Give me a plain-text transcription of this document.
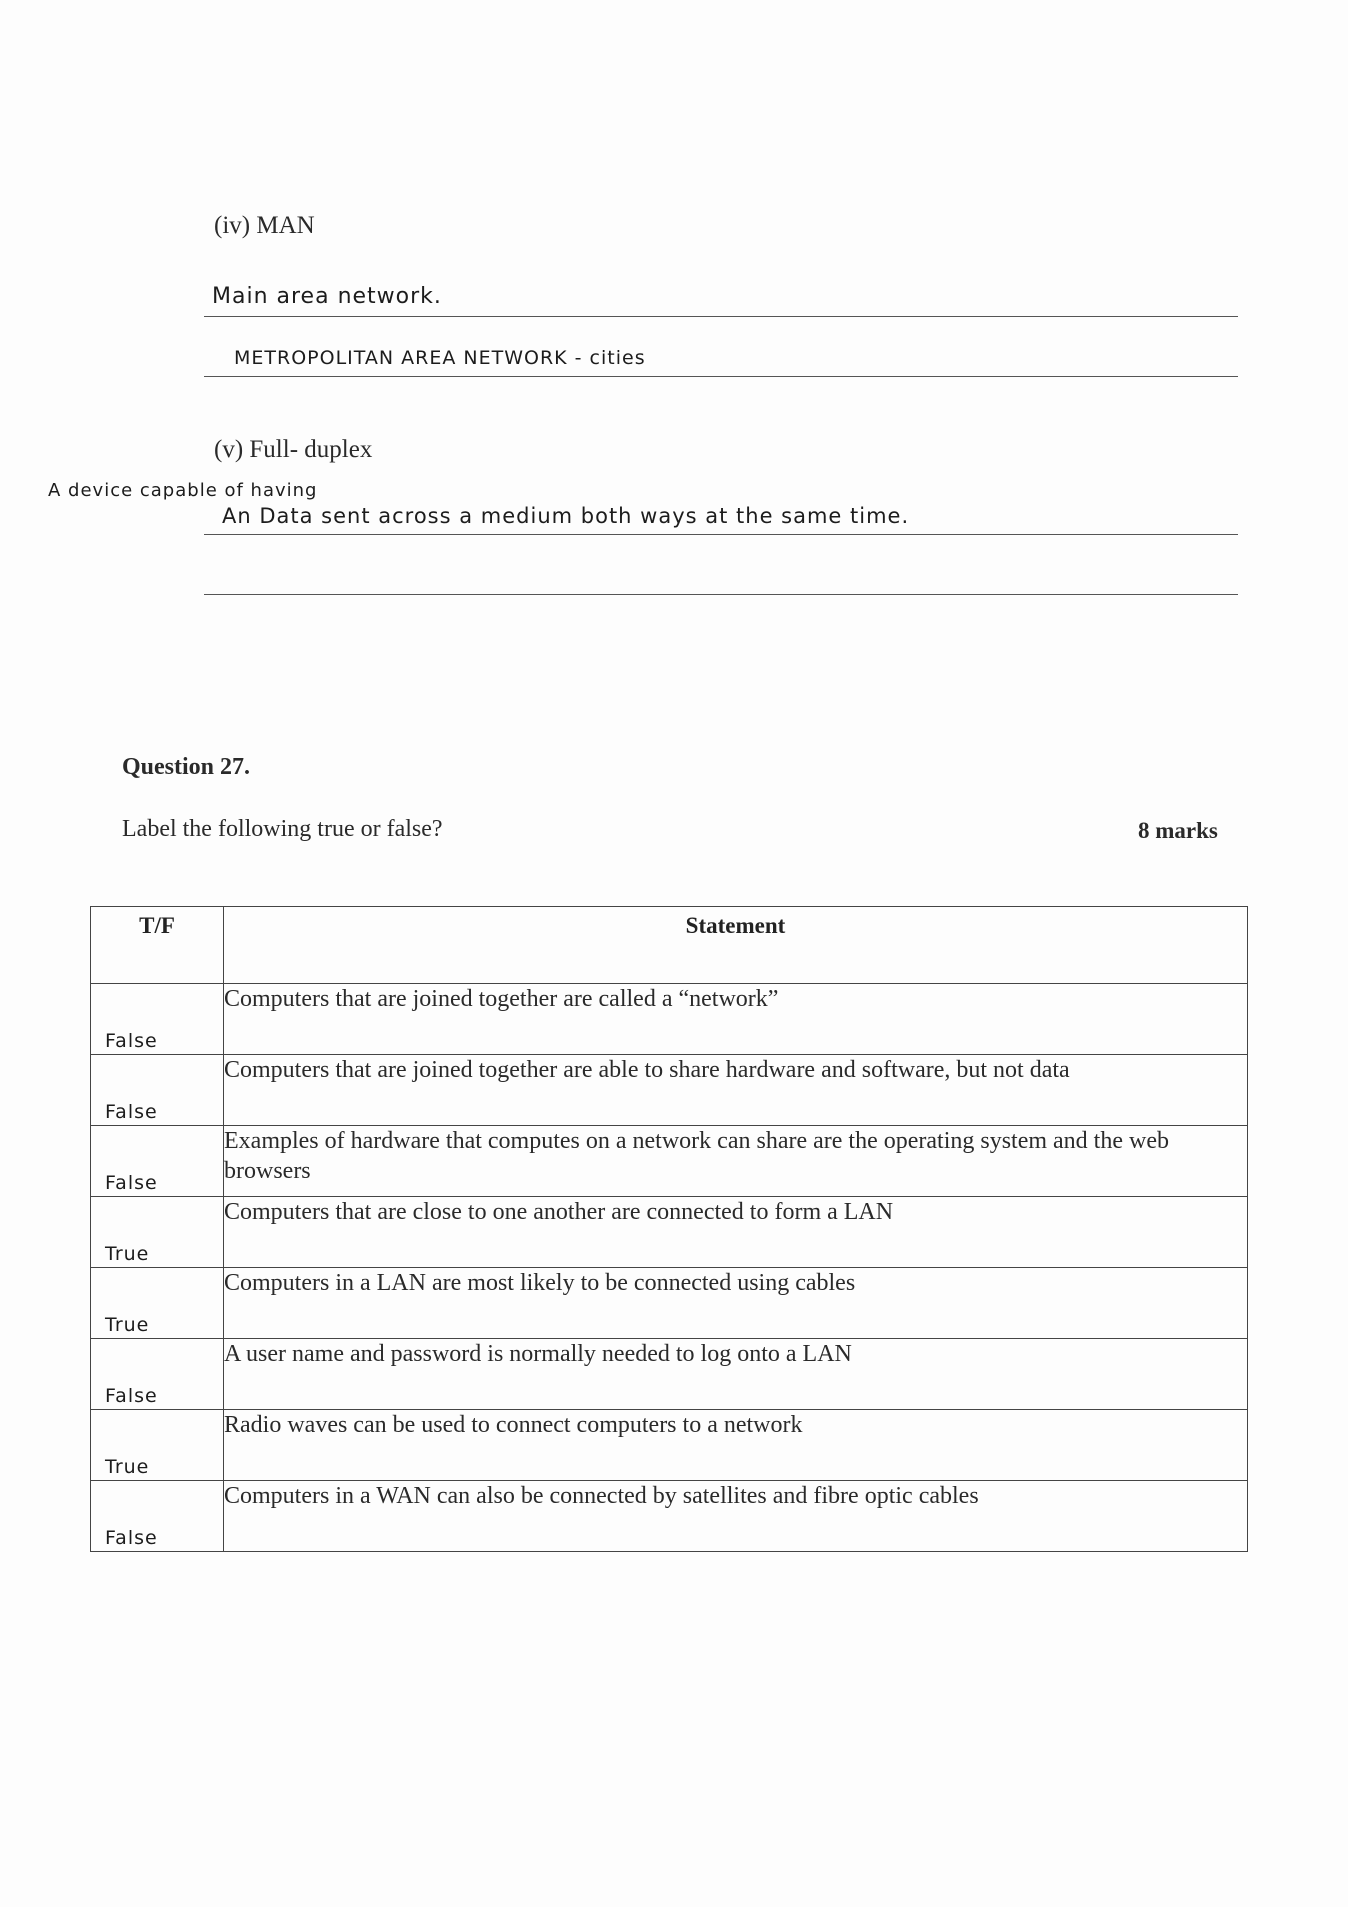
(iv) MAN
Main area network.
METROPOLITAN AREA NETWORK - cities
(v) Full- duplex
A device capable of having
An Data sent across a medium both ways at the same time.
Question 27.
Label the following true or false?	8 marks
T/F	Statement

False	Computers that are joined together are called a “network”

False	Computers that are joined together are able to share hardware and software, but not data

False	Examples of hardware that computes on a network can share are the operating system and the web browsers

True	Computers that are close to one another are connected to form a LAN

True	Computers in a LAN are most likely to be connected using cables

False	A user name and password is normally needed to log onto a LAN

True	Radio waves can be used to connect computers to a network

False	Computers in a WAN can also be connected by satellites and fibre optic cables
